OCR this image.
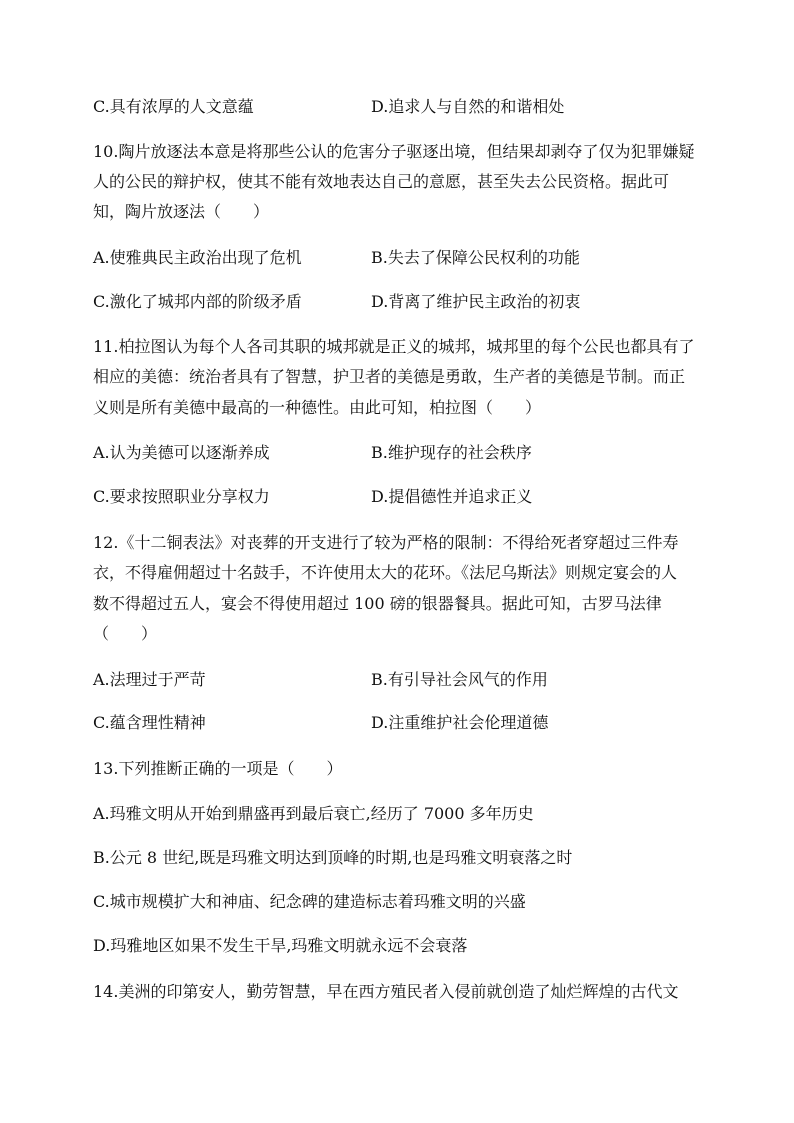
C.具有浓厚的人文意蕴	D.追求人与自然的和谐相处
10.陶片放逐法本意是将那些公认的危害分子驱逐出境，但结果却剥夺了仅为犯罪嫌疑
人的公民的辩护权，使其不能有效地表达自己的意愿，甚至失去公民资格。据此可
知，陶片放逐法（　　）
A.使雅典民主政治出现了危机	B.失去了保障公民权利的功能
C.激化了城邦内部的阶级矛盾	D.背离了维护民主政治的初衷
11.柏拉图认为每个人各司其职的城邦就是正义的城邦，城邦里的每个公民也都具有了
相应的美德：统治者具有了智慧，护卫者的美德是勇敢，生产者的美德是节制。而正
义则是所有美德中最高的一种德性。由此可知，柏拉图（　　）
A.认为美德可以逐渐养成	B.维护现存的社会秩序
C.要求按照职业分享权力	D.提倡德性并追求正义
12.《十二铜表法》对丧葬的开支进行了较为严格的限制：不得给死者穿超过三件寿
衣，不得雇佣超过十名鼓手，不许使用太大的花环。《法尼乌斯法》则规定宴会的人
数不得超过五人，宴会不得使用超过 100 磅的银器餐具。据此可知，古罗马法律
（　　）
A.法理过于严苛	B.有引导社会风气的作用
C.蕴含理性精神	D.注重维护社会伦理道德
13.下列推断正确的一项是（　　）
A.玛雅文明从开始到鼎盛再到最后衰亡,经历了 7000 多年历史
B.公元 8 世纪,既是玛雅文明达到顶峰的时期,也是玛雅文明衰落之时
C.城市规模扩大和神庙、纪念碑的建造标志着玛雅文明的兴盛
D.玛雅地区如果不发生干旱,玛雅文明就永远不会衰落
14.美洲的印第安人，勤劳智慧，早在西方殖民者入侵前就创造了灿烂辉煌的古代文
